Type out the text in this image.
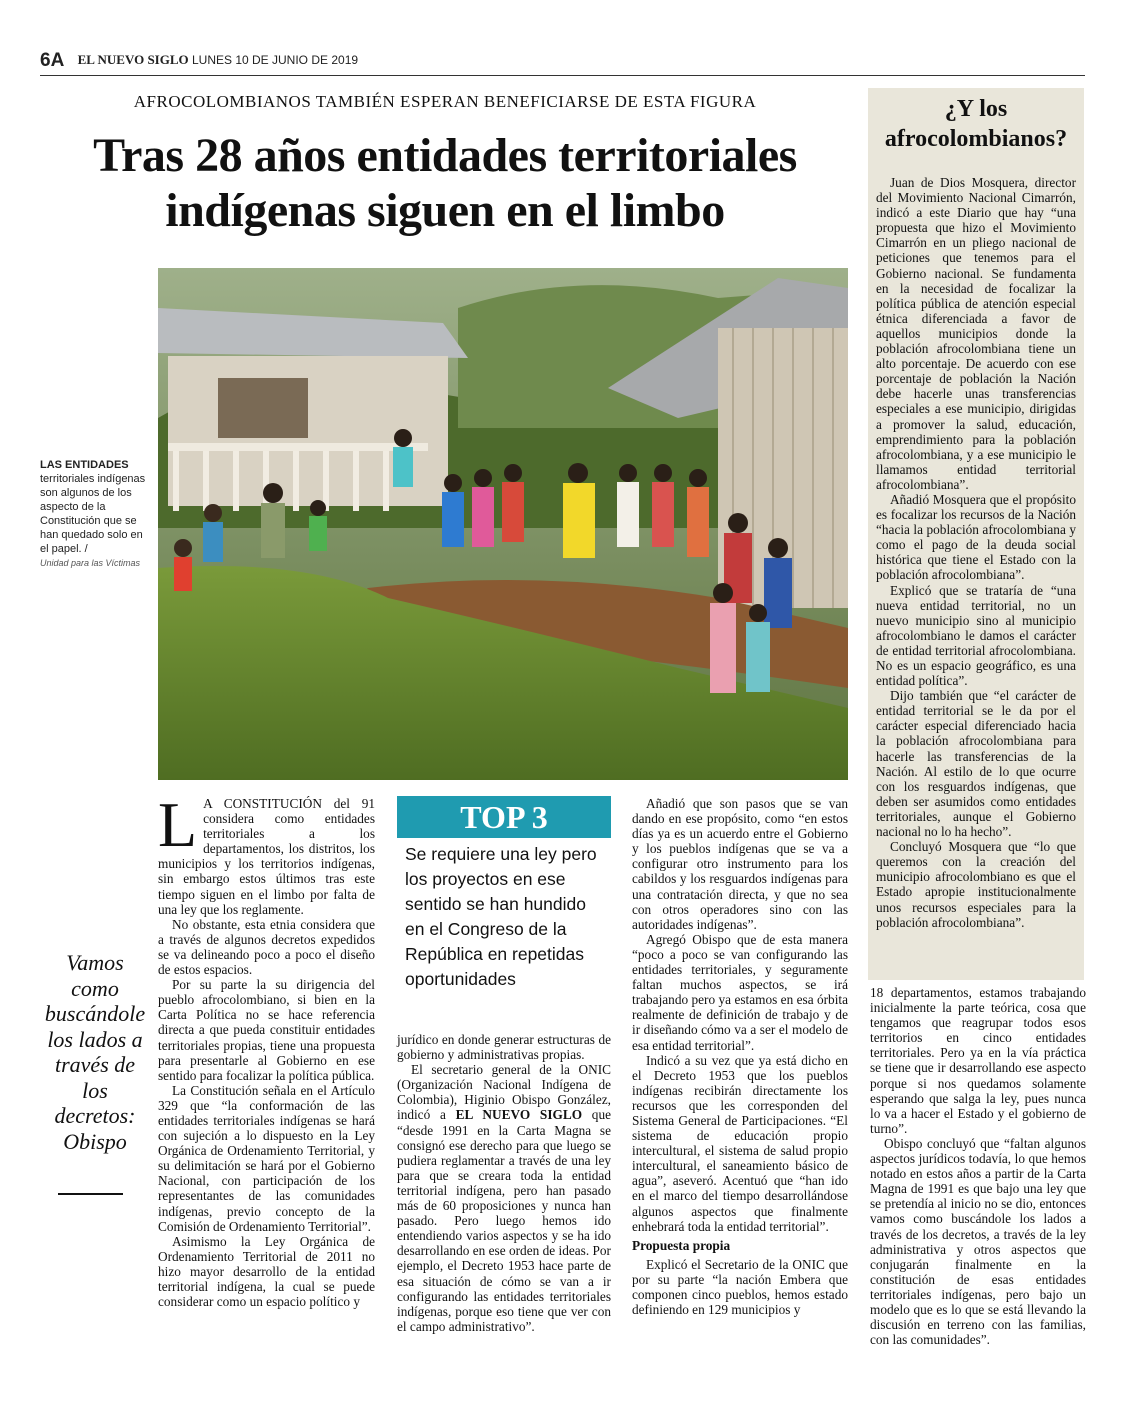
6A EL NUEVO SIGLO LUNES 10 DE JUNIO DE 2019
AFROCOLOMBIANOS TAMBIÉN ESPERAN BENEFICIARSE DE ESTA FIGURA
Tras 28 años entidades territoriales indígenas siguen en el limbo
LAS ENTIDADES
territoriales indígenas son algunos de los aspecto de la Constitución que se han quedado solo en el papel. /
Unidad para las Víctimas
Vamos como buscándole los lados a través de los decretos: Obispo

L A CONSTITUCIÓN del 91 considera como entidades territoriales a los departamentos, los distritos, los municipios y los territorios indígenas, sin embargo estos últimos tras este tiempo siguen en el limbo por falta de una ley que los reglamente.

No obstante, esta etnia considera que a través de algunos decretos expedidos se va delineando poco a poco el diseño de estos espacios.

Por su parte la su dirigencia del pueblo afrocolombiano, si bien en la Carta Política no se hace referencia directa a que pueda constituir entidades territoriales propias, tiene una propuesta para presentarle al Gobierno en ese sentido para focalizar la política pública.

La Constitución señala en el Artículo 329 que “la conformación de las entidades territoriales indígenas se hará con sujeción a lo dispuesto en la Ley Orgánica de Ordenamiento Territorial, y su delimitación se hará por el Gobierno Nacional, con participación de los representantes de las comunidades indígenas, previo concepto de la Comisión de Ordenamiento Territorial”.

Asimismo la Ley Orgánica de Ordenamiento Territorial de 2011 no hizo mayor desarrollo de la entidad territorial indígena, la cual se puede considerar como un espacio político y

TOP 3
Se requiere una ley pero los proyectos en ese sentido se han hundido en el Congreso de la República en repetidas oportunidades

jurídico en donde generar estructuras de gobierno y administrativas propias.

El secretario general de la ONIC (Organización Nacional Indígena de Colombia), Higinio Obispo González, indicó a EL NUEVO SIGLO que “desde 1991 en la Carta Magna se consignó ese derecho para que luego se pudiera reglamentar a través de una ley para que se creara toda la entidad territorial indígena, pero han pasado más de 60 proposiciones y nunca han pasado. Pero luego hemos ido entendiendo varios aspectos y se ha ido desarrollando en ese orden de ideas. Por ejemplo, el Decreto 1953 hace parte de esa situación de cómo se van a ir configurando las entidades territoriales indígenas, porque eso tiene que ver con el campo administrativo”.

Añadió que son pasos que se van dando en ese propósito, como “en estos días ya es un acuerdo entre el Gobierno y los pueblos indígenas que se va a configurar otro instrumento para los cabildos y los resguardos indígenas para una contratación directa, y que no sea con otros operadores sino con las autoridades indígenas”.

Agregó Obispo que de esta manera “poco a poco se van configurando las entidades territoriales, y seguramente faltan muchos aspectos, se irá trabajando pero ya estamos en esa órbita realmente de definición de trabajo y de ir diseñando cómo va a ser el modelo de esa entidad territorial”.

Indicó a su vez que ya está dicho en el Decreto 1953 que los pueblos indígenas recibirán directamente los recursos que les corresponden del Sistema General de Participaciones. “El sistema de educación propio intercultural, el sistema de salud propio intercultural, el saneamiento básico de agua”, aseveró. Acentuó que “han ido en el marco del tiempo desarrollándose algunos aspectos que finalmente enhebrará toda la entidad territorial”.

Propuesta propia

Explicó el Secretario de la ONIC que por su parte “la nación Embera que componen cinco pueblos, hemos estado definiendo en 129 municipios y

¿Y los afrocolombianos?

Juan de Dios Mosquera, director del Movimiento Nacional Cimarrón, indicó a este Diario que hay “una propuesta que hizo el Movimiento Cimarrón en un pliego nacional de peticiones que tenemos para el Gobierno nacional. Se fundamenta en la necesidad de focalizar la política pública de atención especial étnica diferenciada a favor de aquellos municipios donde la población afrocolombiana tiene un alto porcentaje. De acuerdo con ese porcentaje de población la Nación debe hacerle unas transferencias especiales a ese municipio, dirigidas a promover la salud, educación, emprendimiento para la población afrocolombiana, y a ese municipio le llamamos entidad territorial afrocolombiana”.

Añadió Mosquera que el propósito es focalizar los recursos de la Nación “hacia la población afrocolombiana y como el pago de la deuda social histórica que tiene el Estado con la población afrocolombiana”.

Explicó que se trataría de “una nueva entidad territorial, no un nuevo municipio sino al municipio afrocolombiano le damos el carácter de entidad territorial afrocolombiana. No es un espacio geográfico, es una entidad política”.

Dijo también que “el carácter de entidad territorial se le da por el carácter especial diferenciado hacia la población afrocolombiana para hacerle las transferencias de la Nación. Al estilo de lo que ocurre con los resguardos indígenas, que deben ser asumidos como entidades territoriales, aunque el Gobierno nacional no lo ha hecho”.

Concluyó Mosquera que “lo que queremos con la creación del municipio afrocolombiano es que el Estado apropie institucionalmente unos recursos especiales para la población afrocolombiana”.

18 departamentos, estamos trabajando inicialmente la parte teórica, cosa que tengamos que reagrupar todos esos territorios en cinco entidades territoriales. Pero ya en la vía práctica se tiene que ir desarrollando ese aspecto porque si nos quedamos solamente esperando que salga la ley, pues nunca lo va a hacer el Estado y el gobierno de turno”.

Obispo concluyó que “faltan algunos aspectos jurídicos todavía, lo que hemos notado en estos años a partir de la Carta Magna de 1991 es que bajo una ley que se pretendía al inicio no se dio, entonces vamos como buscándole los lados a través de los decretos, a través de la ley administrativa y otros aspectos que conjugarán finalmente en la constitución de esas entidades territoriales indígenas, pero bajo un modelo que es lo que se está llevando la discusión en terreno con las familias, con las comunidades”.
